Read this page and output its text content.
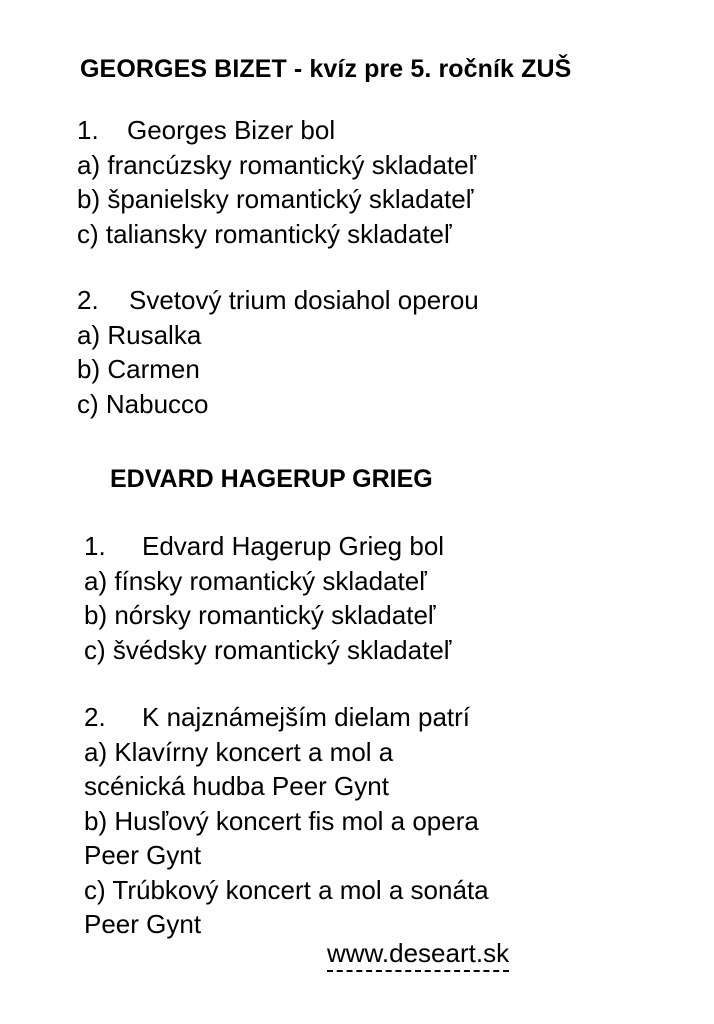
GEORGES BIZET - kvíz pre 5. ročník ZUŠ
1. Georges Bizer bol
a) francúzsky romantický skladateľ
b) španielsky romantický skladateľ
c) taliansky romantický skladateľ
2. Svetový trium dosiahol operou
a) Rusalka
b) Carmen
c) Nabucco
EDVARD HAGERUP GRIEG
1. Edvard Hagerup Grieg bol
a) fínsky romantický skladateľ
b) nórsky romantický skladateľ
c) švédsky romantický skladateľ
2. K najznámejším dielam patrí
a) Klavírny koncert a mol a
scénická hudba Peer Gynt
b) Husľový koncert fis mol a opera
Peer Gynt
c) Trúbkový koncert a mol a sonáta
Peer Gynt
www.deseart.sk
